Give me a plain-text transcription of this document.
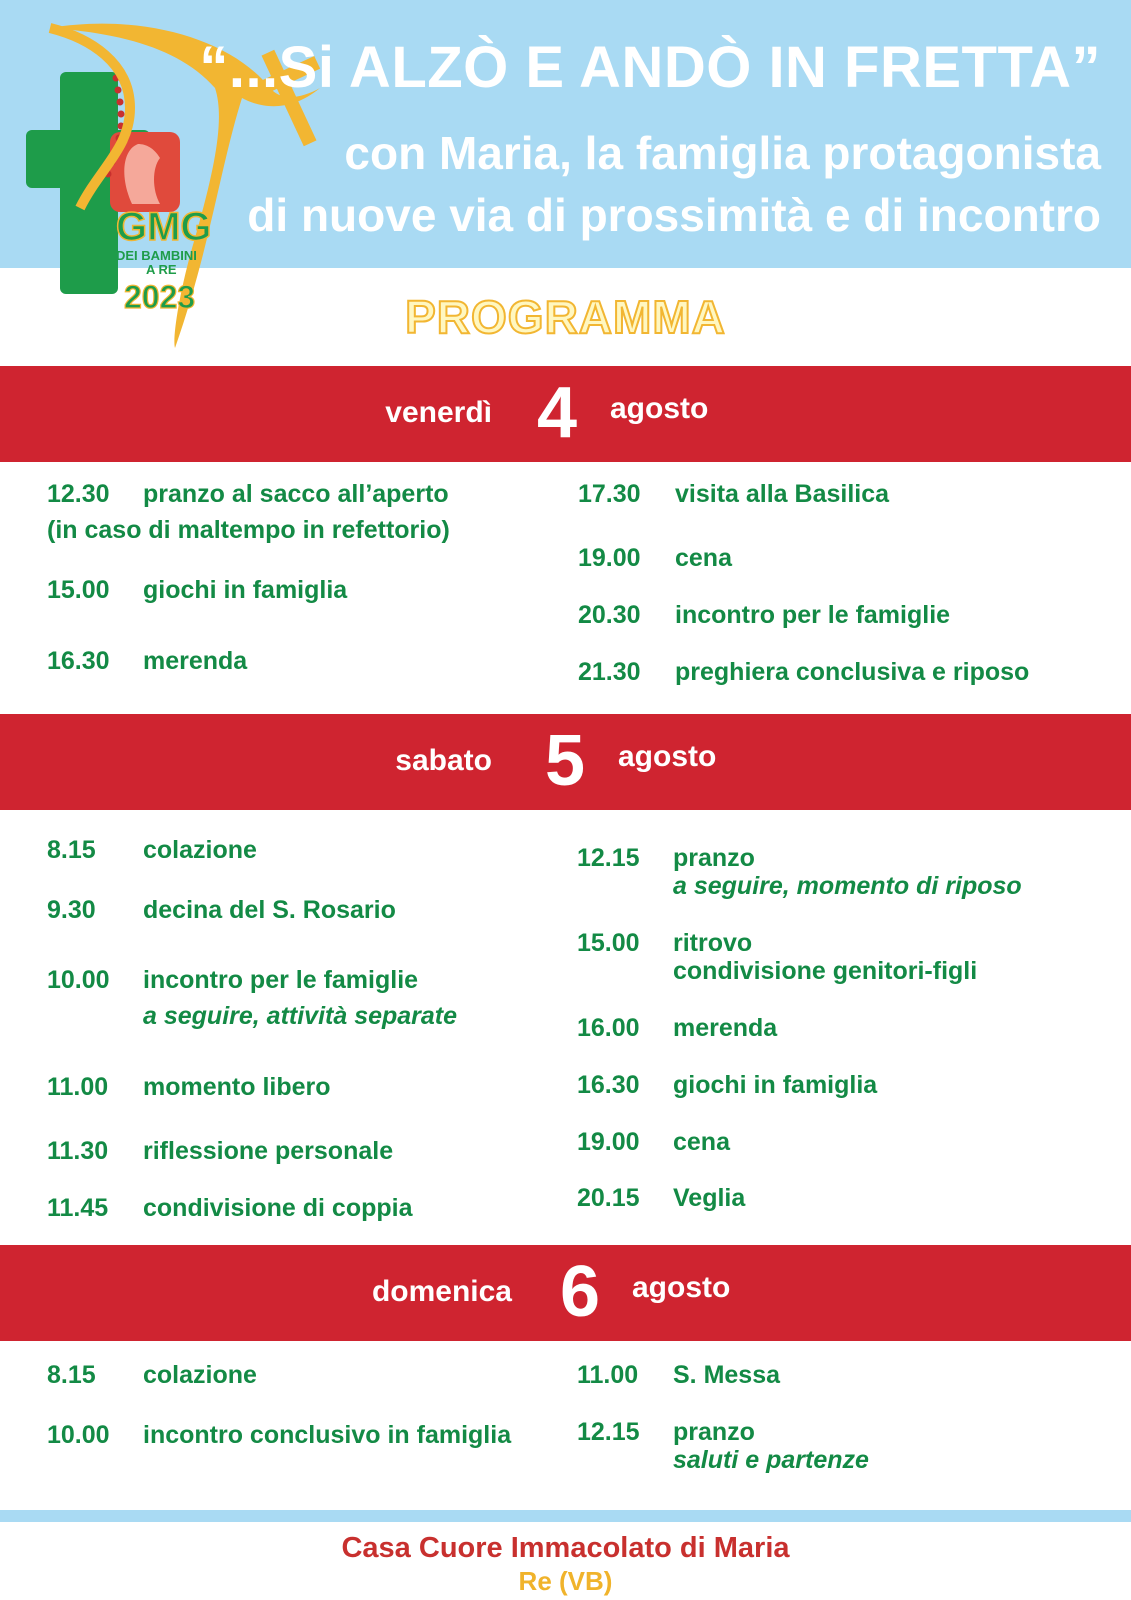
GMG
DEI BAMBINI
A RE
2023
“...Si ALZÒ E ANDÒ IN FRETTA”
con Maria, la famiglia protagonista
di nuove via di prossimità e di incontro
PROGRAMMA
venerdì 4	agosto
12.30 pranzo al sacco all’aperto
(in caso di maltempo in refettorio)
15.00 giochi in famiglia
16.30 merenda
17.30 visita alla Basilica
19.00 cena
20.30 incontro per le famiglie
21.30 preghiera conclusiva e riposo
sabato 5	agosto
8.15 colazione
9.30 decina del S. Rosario
10.00 incontro per le famiglie
a seguire, attività separate
11.00 momento libero
11.30 riflessione personale
11.45 condivisione di coppia
12.15 pranzo
a seguire, momento di riposo
15.00 ritrovo
condivisione genitori-figli
16.00 merenda
16.30 giochi in famiglia
19.00 cena
20.15 Veglia
domenica 6	agosto
8.15 colazione
10.00 incontro conclusivo in famiglia
11.00 S. Messa
12.15 pranzo
saluti e partenze
Casa Cuore Immacolato di Maria
Re (VB)
